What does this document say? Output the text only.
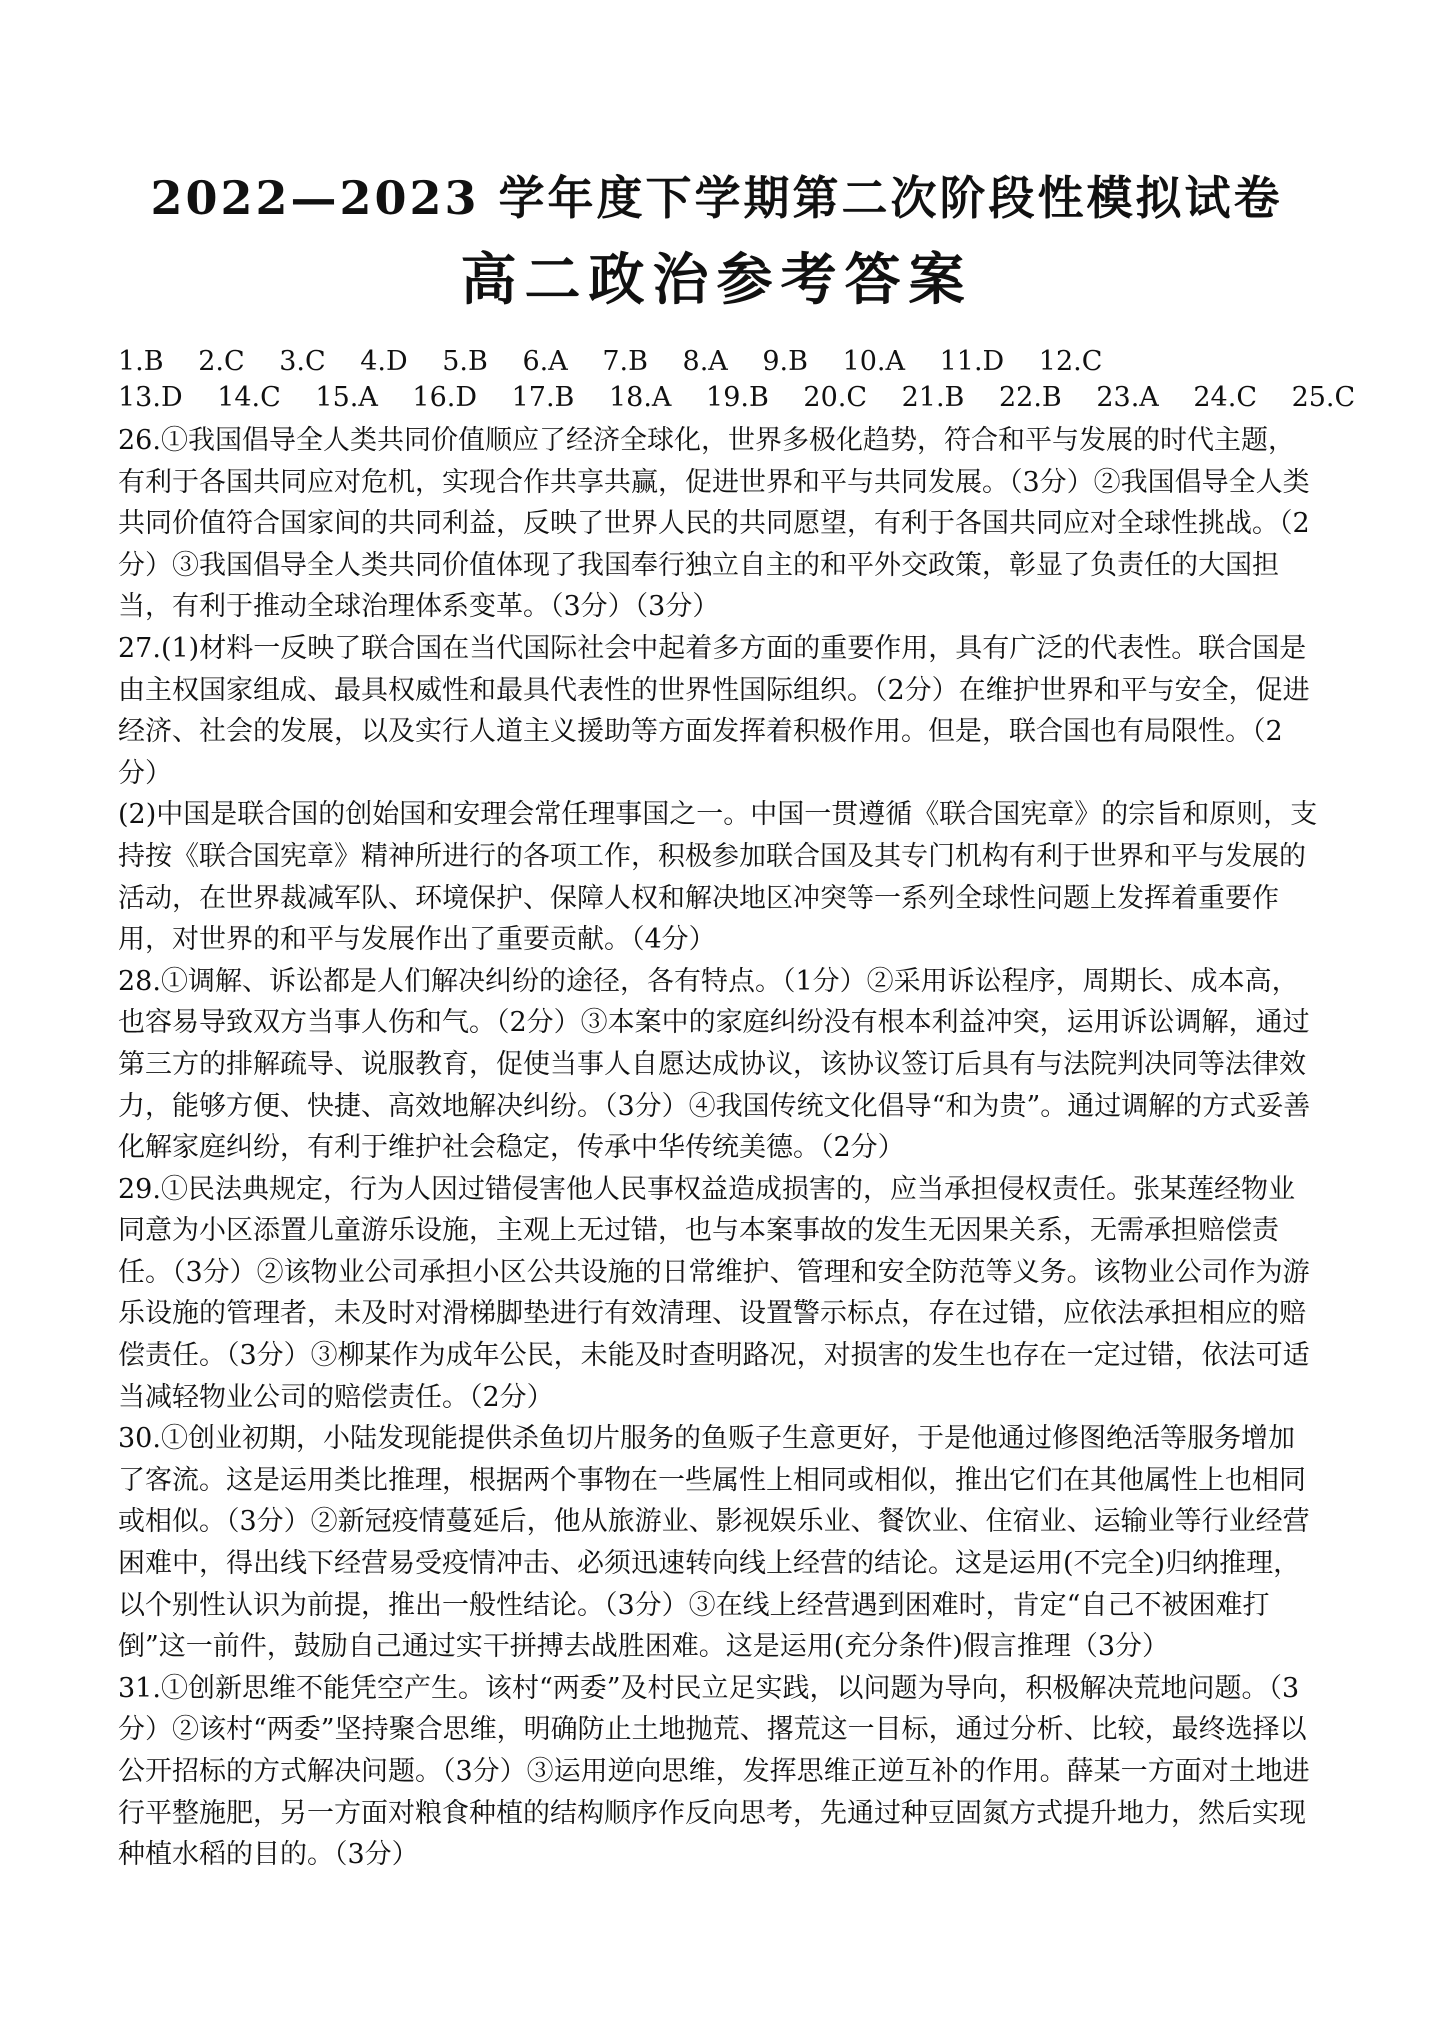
2022—2023 学年度下学期第二次阶段性模拟试卷
高二政治参考答案
1.B 2.C 3.C 4.D 5.B 6.A 7.B 8.A 9.B 10.A 11.D 12.C
13.D 14.C 15.A 16.D 17.B 18.A 19.B 20.C 21.B 22.B 23.A 24.C 25.C

26.①我国倡导全人类共同价值顺应了经济全球化，世界多极化趋势，符合和平与发展的时代主题，有利于各国共同应对危机，实现合作共享共赢，促进世界和平与共同发展。（3分）②我国倡导全人类共同价值符合国家间的共同利益，反映了世界人民的共同愿望，有利于各国共同应对全球性挑战。（2分）③我国倡导全人类共同价值体现了我国奉行独立自主的和平外交政策，彰显了负责任的大国担当，有利于推动全球治理体系变革。（3分）（3分）

27.(1)材料一反映了联合国在当代国际社会中起着多方面的重要作用，具有广泛的代表性。联合国是由主权国家组成、最具权威性和最具代表性的世界性国际组织。（2分）在维护世界和平与安全，促进经济、社会的发展，以及实行人道主义援助等方面发挥着积极作用。但是，联合国也有局限性。（2分）

(2)中国是联合国的创始国和安理会常任理事国之一。中国一贯遵循《联合国宪章》的宗旨和原则，支持按《联合国宪章》精神所进行的各项工作，积极参加联合国及其专门机构有利于世界和平与发展的活动，在世界裁减军队、环境保护、保障人权和解决地区冲突等一系列全球性问题上发挥着重要作用，对世界的和平与发展作出了重要贡献。（4分）

28.①调解、诉讼都是人们解决纠纷的途径，各有特点。（1分）②采用诉讼程序，周期长、成本高，也容易导致双方当事人伤和气。（2分）③本案中的家庭纠纷没有根本利益冲突，运用诉讼调解，通过第三方的排解疏导、说服教育，促使当事人自愿达成协议，该协议签订后具有与法院判决同等法律效力，能够方便、快捷、高效地解决纠纷。（3分）④我国传统文化倡导“和为贵”。通过调解的方式妥善化解家庭纠纷，有利于维护社会稳定，传承中华传统美德。（2分）

29.①民法典规定，行为人因过错侵害他人民事权益造成损害的，应当承担侵权责任。张某莲经物业同意为小区添置儿童游乐设施，主观上无过错，也与本案事故的发生无因果关系，无需承担赔偿责任。（3分）②该物业公司承担小区公共设施的日常维护、管理和安全防范等义务。该物业公司作为游乐设施的管理者，未及时对滑梯脚垫进行有效清理、设置警示标点，存在过错，应依法承担相应的赔偿责任。（3分）③柳某作为成年公民，未能及时查明路况，对损害的发生也存在一定过错，依法可适当减轻物业公司的赔偿责任。（2分）

30.①创业初期，小陆发现能提供杀鱼切片服务的鱼贩子生意更好，于是他通过修图绝活等服务增加了客流。这是运用类比推理，根据两个事物在一些属性上相同或相似，推出它们在其他属性上也相同或相似。（3分）②新冠疫情蔓延后，他从旅游业、影视娱乐业、餐饮业、住宿业、运输业等行业经营困难中，得出线下经营易受疫情冲击、必须迅速转向线上经营的结论。这是运用(不完全)归纳推理，以个别性认识为前提，推出一般性结论。（3分）③在线上经营遇到困难时，肯定“自己不被困难打倒”这一前件，鼓励自己通过实干拼搏去战胜困难。这是运用(充分条件)假言推理（3分）

31.①创新思维不能凭空产生。该村“两委”及村民立足实践，以问题为导向，积极解决荒地问题。（3分）②该村“两委”坚持聚合思维，明确防止土地抛荒、撂荒这一目标，通过分析、比较，最终选择以公开招标的方式解决问题。（3分）③运用逆向思维，发挥思维正逆互补的作用。薛某一方面对土地进行平整施肥，另一方面对粮食种植的结构顺序作反向思考，先通过种豆固氮方式提升地力，然后实现种植水稻的目的。（3分）
